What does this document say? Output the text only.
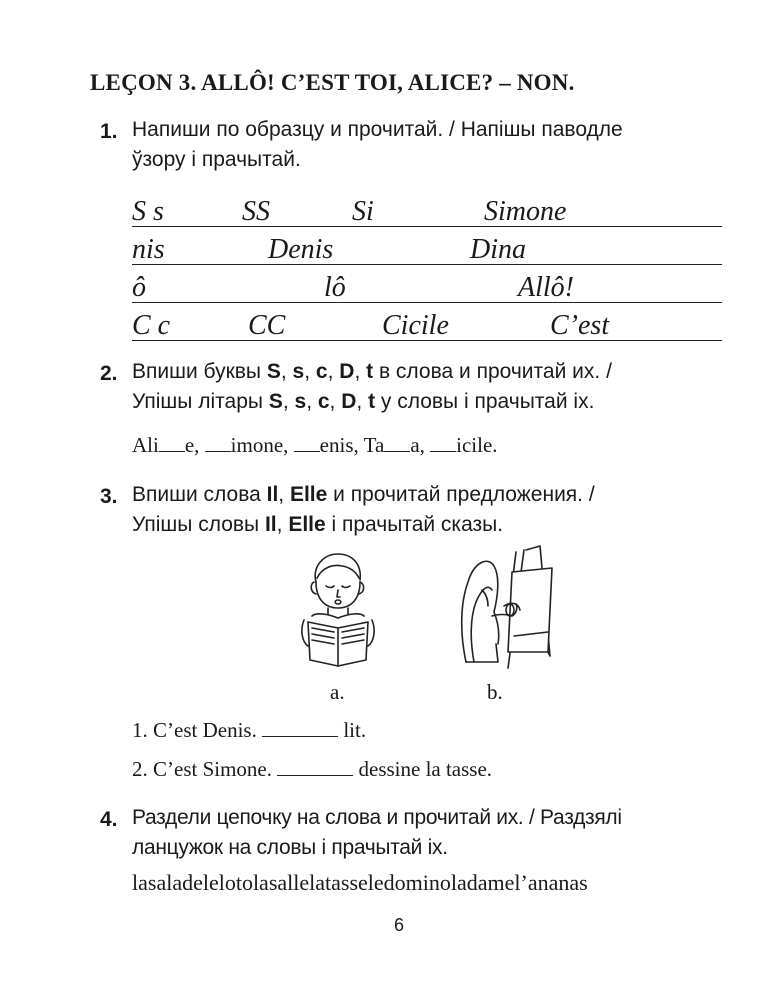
LEÇON 3. ALLÔ! C’EST TOI, ALICE? – NON.
1. Напиши по образцу и прочитай. / Напішы паводле
ўзору і прачытай.
S s	SS	Si	Simone
nis	Denis	Dina
ô	lô	Allô!
C c	CC	Cicile	C’est
2. Впиши буквы S, s, c, D, t в слова и прочитай их. /
Упішы літары S, s, c, D, t у словы і прачытай іх.
Ali e, imone, enis, Ta a, icile.
3. Впиши слова Il, Elle и прочитай предложения. /
Упішы словы Il, Elle і прачытай сказы.
a.	b.
1. C’est Denis.	lit.
2. C’est Simone.	dessine la tasse.
4. Раздели цепочку на слова и прочитай их. / Раздзялі
ланцужок на словы і прачытай іх.
lasaladelelotolasallelatasseledominoladamel’ananas
6
